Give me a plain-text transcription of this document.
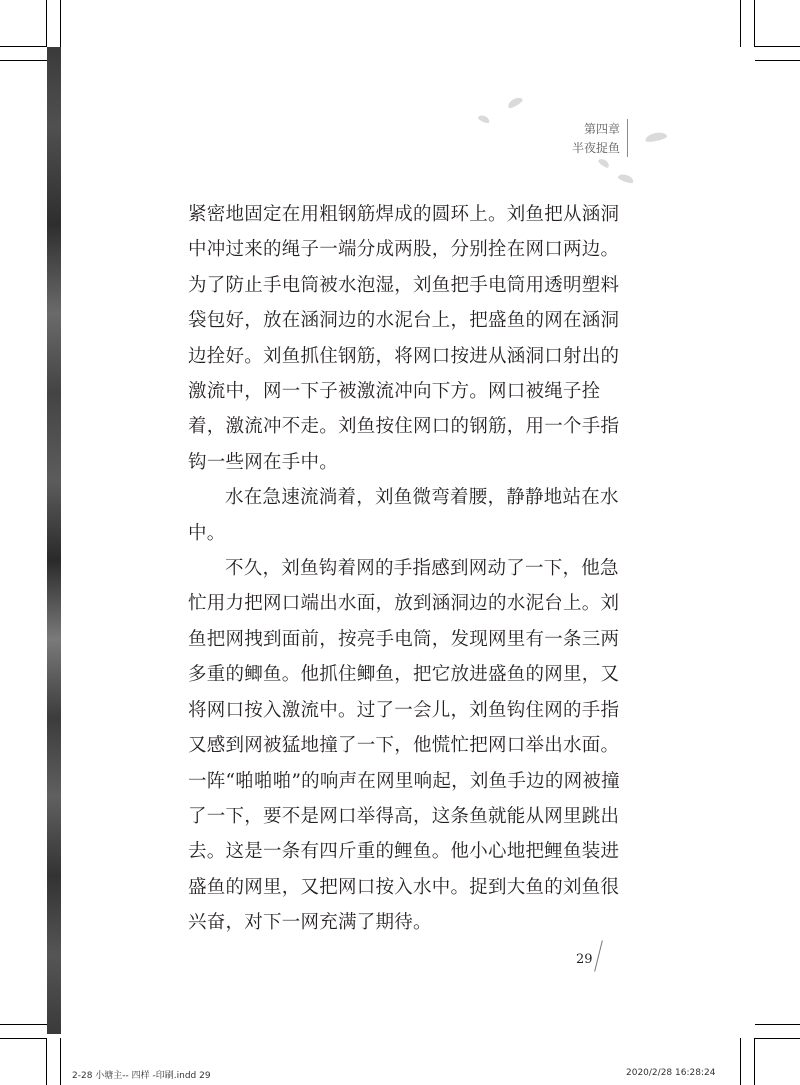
第四章
半夜捉鱼

紧密地固定在用粗钢筋焊成的圆环上。刘鱼把从涵洞中冲过来的绳子一端分成两股，分别拴在网口两边。为了防止手电筒被水泡湿，刘鱼把手电筒用透明塑料袋包好，放在涵洞边的水泥台上，把盛鱼的网在涵洞边拴好。刘鱼抓住钢筋，将网口按进从涵洞口射出的激流中，网一下子被激流冲向下方。网口被绳子拴着，激流冲不走。刘鱼按住网口的钢筋，用一个手指钩一些网在手中。

水在急速流淌着，刘鱼微弯着腰，静静地站在水中。

不久，刘鱼钩着网的手指感到网动了一下，他急忙用力把网口端出水面，放到涵洞边的水泥台上。刘鱼把网拽到面前，按亮手电筒，发现网里有一条三两多重的鲫鱼。他抓住鲫鱼，把它放进盛鱼的网里，又将网口按入激流中。过了一会儿，刘鱼钩住网的手指又感到网被猛地撞了一下，他慌忙把网口举出水面。一阵“啪啪啪”的响声在网里响起，刘鱼手边的网被撞了一下，要不是网口举得高，这条鱼就能从网里跳出去。这是一条有四斤重的鲤鱼。他小心地把鲤鱼装进盛鱼的网里，又把网口按入水中。捉到大鱼的刘鱼很兴奋，对下一网充满了期待。

29
2-28 小塘主-- 四样 -印刷.indd 29	2020/2/28 16:28:24
